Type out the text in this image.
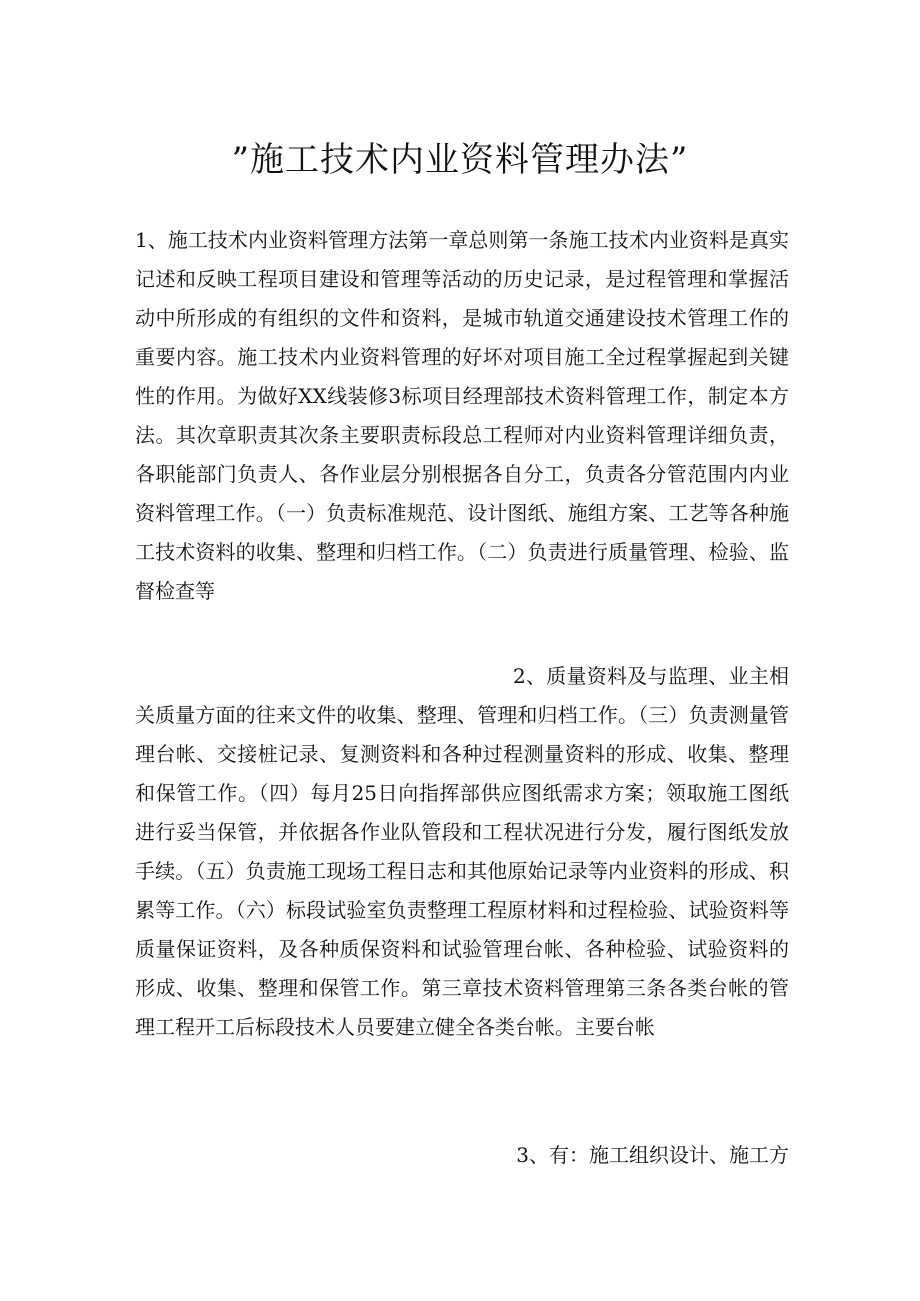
”施工技术内业资料管理办法”

1、施工技术内业资料管理方法第一章总则第一条施工技术内业资料是真实记述和反映工程项目建设和管理等活动的历史记录，是过程管理和掌握活动中所形成的有组织的文件和资料，是城市轨道交通建设技术管理工作的重要内容。施工技术内业资料管理的好坏对项目施工全过程掌握起到关键性的作用。为做好XX线装修3标项目经理部技术资料管理工作，制定本方法。其次章职责其次条主要职责标段总工程师对内业资料管理详细负责，各职能部门负责人、各作业层分别根据各自分工，负责各分管范围内内业资料管理工作。（一）负责标准规范、设计图纸、施组方案、工艺等各种施工技术资料的收集、整理和归档工作。（二）负责进行质量管理、检验、监督检查等

2、质量资料及与监理、业主相关质量方面的往来文件的收集、整理、管理和归档工作。（三）负责测量管理台帐、交接桩记录、复测资料和各种过程测量资料的形成、收集、整理和保管工作。（四）每月25日向指挥部供应图纸需求方案；领取施工图纸进行妥当保管，并依据各作业队管段和工程状况进行分发，履行图纸发放手续。（五）负责施工现场工程日志和其他原始记录等内业资料的形成、积累等工作。（六）标段试验室负责整理工程原材料和过程检验、试验资料等质量保证资料，及各种质保资料和试验管理台帐、各种检验、试验资料的形成、收集、整理和保管工作。第三章技术资料管理第三条各类台帐的管理工程开工后标段技术人员要建立健全各类台帐。主要台帐

3、有：施工组织设计、施工方
